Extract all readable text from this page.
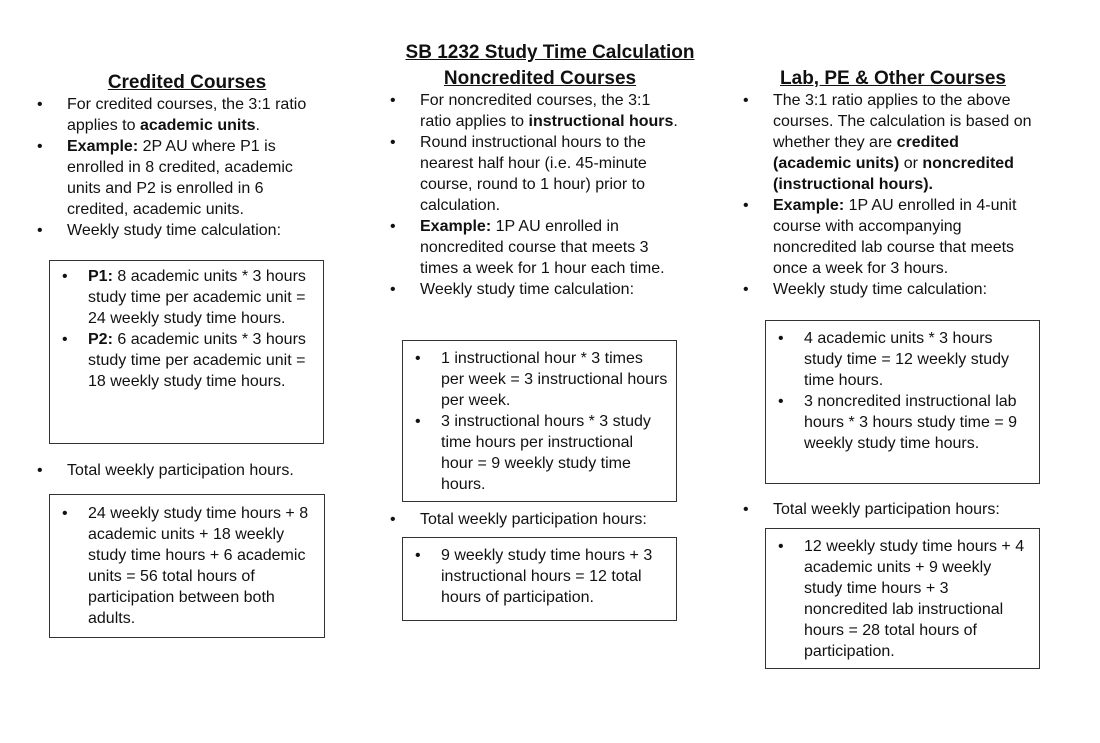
SB 1232 Study Time Calculation
Credited Courses

• For credited courses, the 3:1 ratio applies to academic units.

• Example: 2P AU where P1 is enrolled in 8 credited, academic units and P2 is enrolled in 6 credited, academic units.

• Weekly study time calculation:

• P1: 8 academic units * 3 hours study time per academic unit = 24 weekly study time hours.

• P2: 6 academic units * 3 hours study time per academic unit = 18 weekly study time hours.

• Total weekly participation hours.

• 24 weekly study time hours + 8 academic units + 18 weekly study time hours + 6 academic units = 56 total hours of participation between both adults.

Noncredited Courses

• For noncredited courses, the 3:1 ratio applies to instructional hours.

• Round instructional hours to the nearest half hour (i.e. 45-minute course, round to 1 hour) prior to calculation.

• Example: 1P AU enrolled in noncredited course that meets 3 times a week for 1 hour each time.

• Weekly study time calculation:

• 1 instructional hour * 3 times per week = 3 instructional hours per week.

• 3 instructional hours * 3 study time hours per instructional hour = 9 weekly study time hours.

• Total weekly participation hours:

• 9 weekly study time hours + 3 instructional hours = 12 total hours of participation.

Lab, PE & Other Courses

• The 3:1 ratio applies to the above courses. The calculation is based on whether they are credited (academic units) or noncredited (instructional hours).

• Example: 1P AU enrolled in 4-unit course with accompanying noncredited lab course that meets once a week for 3 hours.

• Weekly study time calculation:

• 4 academic units * 3 hours study time = 12 weekly study time hours.

• 3 noncredited instructional lab hours * 3 hours study time = 9 weekly study time hours.

• Total weekly participation hours:

• 12 weekly study time hours + 4 academic units + 9 weekly study time hours + 3 noncredited lab instructional hours = 28 total hours of participation.
